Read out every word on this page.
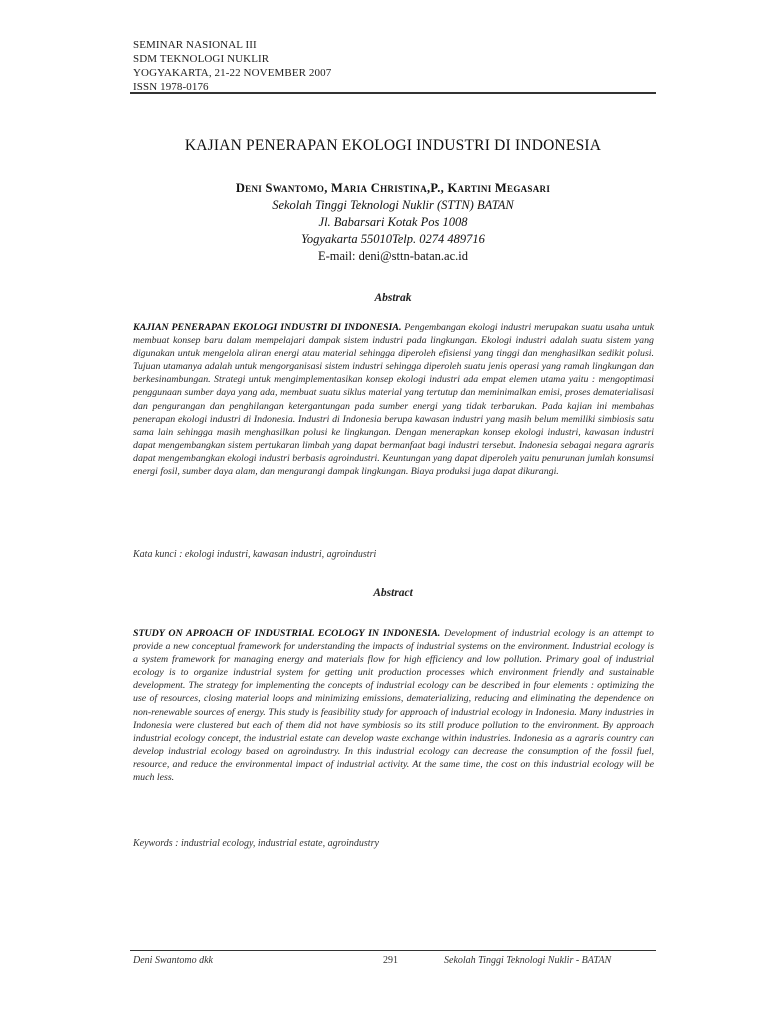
SEMINAR NASIONAL III
SDM TEKNOLOGI NUKLIR
YOGYAKARTA, 21-22 NOVEMBER 2007
ISSN 1978-0176
KAJIAN PENERAPAN EKOLOGI INDUSTRI DI INDONESIA
Deni Swantomo, Maria Christina,P., Kartini Megasari
Sekolah Tinggi Teknologi Nuklir (STTN) BATAN
Jl. Babarsari Kotak Pos 1008
Yogyakarta 55010Telp. 0274 489716
E-mail: deni@sttn-batan.ac.id
Abstrak
KAJIAN PENERAPAN EKOLOGI INDUSTRI DI INDONESIA. Pengembangan ekologi industri merupakan suatu usaha untuk membuat konsep baru dalam mempelajari dampak sistem industri pada lingkungan. Ekologi industri adalah suatu sistem yang digunakan untuk mengelola aliran energi atau material sehingga diperoleh efisiensi yang tinggi dan menghasilkan sedikit polusi. Tujuan utamanya adalah untuk mengorganisasi sistem industri sehingga diperoleh suatu jenis operasi yang ramah lingkungan dan berkesinambungan. Strategi untuk mengimplementasikan konsep ekologi industri ada empat elemen utama yaitu : mengoptimasi penggunaan sumber daya yang ada, membuat suatu siklus material yang tertutup dan meminimalkan emisi, proses dematerialisasi dan pengurangan dan penghilangan ketergantungan pada sumber energi yang tidak terbarukan. Pada kajian ini membahas penerapan ekologi industri di Indonesia. Industri di Indonesia berupa kawasan industri yang masih belum memiliki simbiosis satu sama lain sehingga masih menghasilkan polusi ke lingkungan. Dengan menerapkan konsep ekologi industri, kawasan industri dapat mengembangkan sistem pertukaran limbah yang dapat bermanfaat bagi industri tersebut. Indonesia sebagai negara agraris dapat mengembangkan ekologi industri berbasis agroindustri. Keuntungan yang dapat diperoleh yaitu penurunan jumlah konsumsi energi fosil, sumber daya alam, dan mengurangi dampak lingkungan. Biaya produksi juga dapat dikurangi.
Kata kunci : ekologi industri, kawasan industri, agroindustri
Abstract
STUDY ON APROACH OF INDUSTRIAL ECOLOGY IN INDONESIA. Development of industrial ecology is an attempt to provide a new conceptual framework for understanding the impacts of industrial systems on the environment. Industrial ecology is a system framework for managing energy and materials flow for high efficiency and low pollution. Primary goal of industrial ecology is to organize industrial system for getting unit production processes which environment friendly and sustainable development. The strategy for implementing the concepts of industrial ecology can be described in four elements : optimizing the use of resources, closing material loops and minimizing emissions, dematerializing, reducing and eliminating the dependence on non-renewable sources of energy. This study is feasibility study for approach of industrial ecology in Indonesia. Many industries in Indonesia were clustered but each of them did not have symbiosis so its still produce pollution to the environment. By approach industrial ecology concept, the industrial estate can develop waste exchange within industries. Indonesia as a agraris country can develop industrial ecology based on agroindustry. In this industrial ecology can decrease the consumption of the fossil fuel, resource, and reduce the environmental impact of industrial activity. At the same time, the cost on this industrial ecology will be much less.
Keywords : industrial ecology, industrial estate, agroindustry
Deni Swantomo dkk	291	Sekolah Tinggi Teknologi Nuklir - BATAN
